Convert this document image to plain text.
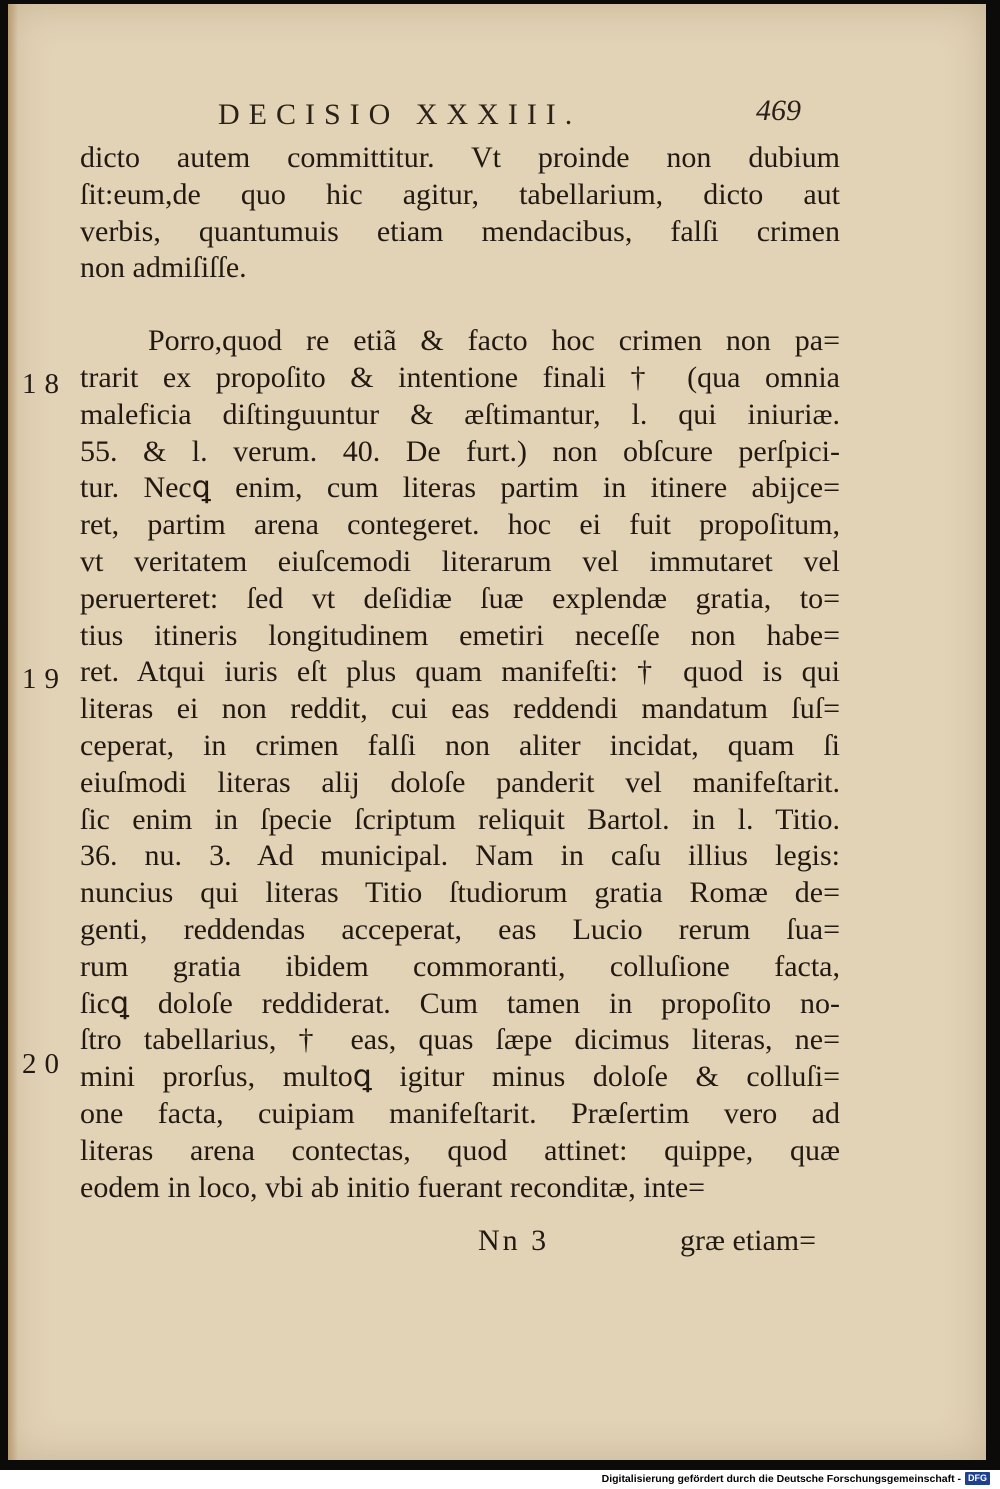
DECISIO XXXIII.	469
dicto autem committitur. Vt proinde non dubium
ſit:eum,de quo hic agitur, tabellarium, dicto aut
verbis, quantumuis etiam mendacibus, falſi crimen
non admiſiſſe.
Porro,quod re etiã & facto hoc crimen non pa=
trarit ex propoſito & intentione finali † (qua omnia
maleficia diſtinguuntur & æſtimantur, l. qui iniuriæ.
55. & l. verum. 40. De furt.) non obſcure perſpici-
tur. Necꝗ enim, cum literas partim in itinere abijce=
ret, partim arena contegeret. hoc ei fuit propoſitum,
vt veritatem eiuſcemodi literarum vel immutaret vel
peruerteret: ſed vt deſidiæ ſuæ explendæ gratia, to=
tius itineris longitudinem emetiri neceſſe non habe=
ret. Atqui iuris eſt plus quam manifeſti: † quod is qui
literas ei non reddit, cui eas reddendi mandatum ſuſ=
ceperat, in crimen falſi non aliter incidat, quam ſi
eiuſmodi literas alij doloſe panderit vel manifeſtarit.
ſic enim in ſpecie ſcriptum reliquit Bartol. in l. Titio.
36. nu. 3. Ad municipal. Nam in caſu illius legis:
nuncius qui literas Titio ſtudiorum gratia Romæ de=
genti, reddendas acceperat, eas Lucio rerum ſua=
rum gratia ibidem commoranti, colluſione facta,
ſicꝗ doloſe reddiderat. Cum tamen in propoſito no-
ſtro tabellarius, † eas, quas ſæpe dicimus literas, ne=
mini prorſus, multoꝗ igitur minus doloſe & colluſi=
one facta, cuipiam manifeſtarit. Præſertim vero ad
literas arena contectas, quod attinet: quippe, quæ
eodem in loco, vbi ab initio fuerant reconditæ, inte=
18
19
20
Nn 3	græ etiam=
Digitalisierung gefördert durch die Deutsche Forschungsgemeinschaft - DFG
